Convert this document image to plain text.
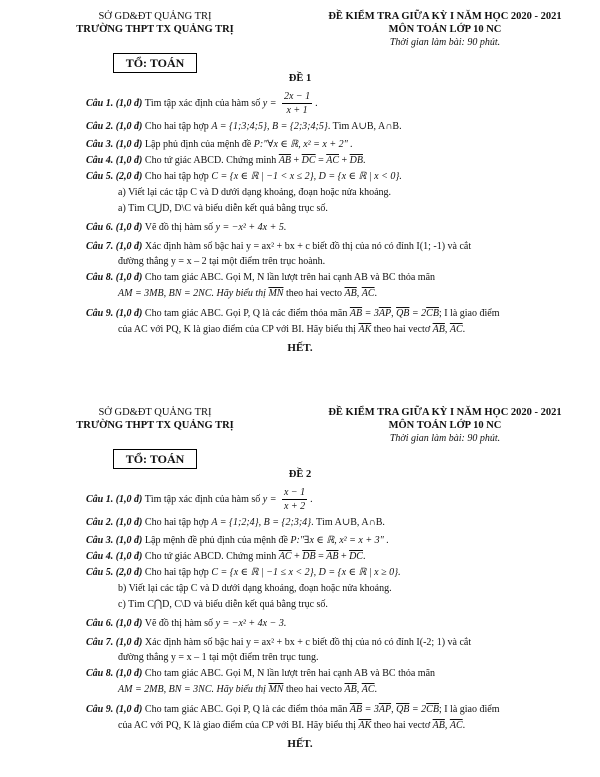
SỞ GD&ĐT QUẢNG TRỊ
TRƯỜNG THPT TX QUẢNG TRỊ
ĐỀ KIỂM TRA GIỮA KỲ I NĂM HỌC 2020 - 2021
MÔN TOÁN LỚP 10 NC
Thời gian làm bài: 90 phút.
TỔ: TOÁN
ĐỀ 1
Câu 1. (1,0 đ) Tìm tập xác định của hàm số $y = \frac{2x - 1}{x + 1}$ .
Câu 2. (1,0 đ) Cho hai tập hợp A = {1;3;4;5}, B = {2;3;4;5}. Tìm A∪B, A∩B.
Câu 3. (1,0 đ) Lập phủ định của mệnh đề P:"∀x ∈ ℝ, x² = x + 2" .
Câu 4. (1,0 đ) Cho tứ giác ABCD. Chứng minh $\overline{AB} + \overline{DC} = \overline{AC} + \overline{DB}$.
Câu 5. (2,0 đ) Cho hai tập hợp C = {x ∈ ℝ | −1 < x ≤ 2}, D = {x ∈ ℝ | x < 0}.
a) Viết lại các tập C và D dưới dạng khoảng, đoạn hoặc nửa khoảng.
a) Tìm C⋃D, D\C và biểu diễn kết quả bằng trục số.
Câu 6. (1,0 đ) Vẽ đồ thị hàm số y = −x² + 4x + 5.
Câu 7. (1,0 đ) Xác định hàm số bậc hai y = ax² + bx + c biết đồ thị của nó có đỉnh I(1; -1) và cắt
đường thẳng y = x – 2 tại một điểm trên trục hoành.
Câu 8. (1,0 đ) Cho tam giác ABC. Gọi M, N lần lượt trên hai cạnh AB và BC thỏa mãn
AM = 3MB, BN = 2NC. Hãy biểu thị $\overline{MN}$ theo hai vecto $\overline{AB}$, $\overline{AC}$.
Câu 9. (1,0 đ) Cho tam giác ABC. Gọi P, Q là các điểm thỏa mãn $\overline{AB} = 3\overline{AP}$, $\overline{QB} = 2\overline{CB}$; I là giao điểm
của AC với PQ, K là giao điểm của CP với BI. Hãy biểu thị $\overline{AK}$ theo hai vectơ $\overline{AB}$, $\overline{AC}$.
HẾT.
SỞ GD&ĐT QUẢNG TRỊ
TRƯỜNG THPT TX QUẢNG TRỊ
ĐỀ KIỂM TRA GIỮA KỲ I NĂM HỌC 2020 - 2021
MÔN TOÁN LỚP 10 NC
Thời gian làm bài: 90 phút.
TỔ: TOÁN
ĐỀ 2
Câu 1. (1,0 đ) Tìm tập xác định của hàm số $y = \frac{x - 1}{x + 2}$ .
Câu 2. (1,0 đ) Cho hai tập hợp A = {1;2;4}, B = {2;3;4}. Tìm A∪B, A∩B.
Câu 3. (1,0 đ) Lập mệnh đề phủ định của mệnh đề P:"∃x ∈ ℝ, x² = x + 3" .
Câu 4. (1,0 đ) Cho tứ giác ABCD. Chứng minh $\overline{AC} + \overline{DB} = \overline{AB} + \overline{DC}$.
Câu 5. (2,0 đ) Cho hai tập hợp C = {x ∈ ℝ | −1 ≤ x < 2}, D = {x ∈ ℝ | x ≥ 0}.
b) Viết lại các tập C và D dưới dạng khoảng, đoạn hoặc nửa khoảng.
c) Tìm C⋂D, C\D và biểu diễn kết quả bằng trục số.
Câu 6. (1,0 đ) Vẽ đồ thị hàm số y = −x² + 4x − 3.
Câu 7. (1,0 đ) Xác định hàm số bậc hai y = ax² + bx + c biết đồ thị của nó có đỉnh I(-2; 1) và cắt
đường thẳng y = x – 1 tại một điểm trên trục tung.
Câu 8. (1,0 đ) Cho tam giác ABC. Gọi M, N lần lượt trên hai cạnh AB và BC thỏa mãn
AM = 2MB, BN = 3NC. Hãy biểu thị $\overline{MN}$ theo hai vecto $\overline{AB}$, $\overline{AC}$.
Câu 9. (1,0 đ) Cho tam giác ABC. Gọi P, Q là các điểm thỏa mãn $\overline{AB} = 3\overline{AP}$, $\overline{QB} = 2\overline{CB}$; I là giao điểm
của AC với PQ, K là giao điểm của CP với BI. Hãy biểu thị $\overline{AK}$ theo hai vectơ $\overline{AB}$, $\overline{AC}$.
HẾT.
